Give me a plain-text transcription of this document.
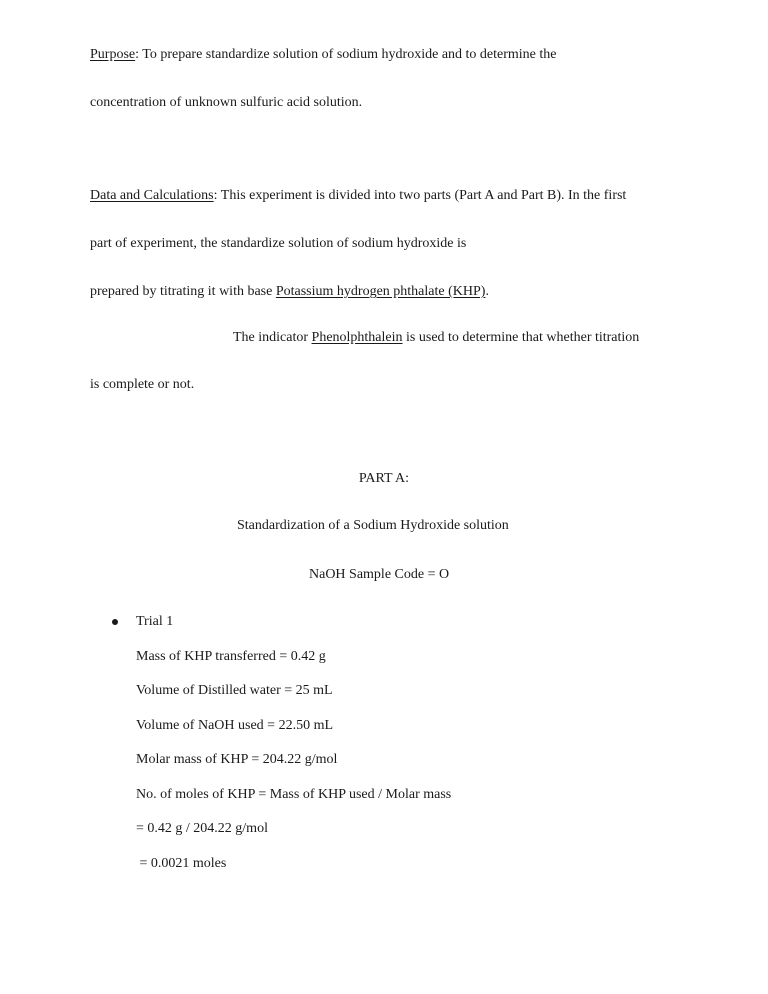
Purpose: To prepare standardize solution of sodium hydroxide and to determine the
concentration of unknown sulfuric acid solution.
Data and Calculations: This experiment is divided into two parts (Part A and Part B). In the first
part of experiment, the standardize solution of sodium hydroxide is
prepared by titrating it with base Potassium hydrogen phthalate (KHP).
The indicator Phenolphthalein is used to determine that whether titration
is complete or not.
PART A:
Standardization of a Sodium Hydroxide solution
NaOH Sample Code = O
Trial 1
Mass of KHP transferred = 0.42 g
Volume of Distilled water = 25 mL
Volume of NaOH used = 22.50 mL
Molar mass of KHP = 204.22 g/mol
No. of moles of KHP = Mass of KHP used / Molar mass
= 0.42 g / 204.22 g/mol
= 0.0021 moles
